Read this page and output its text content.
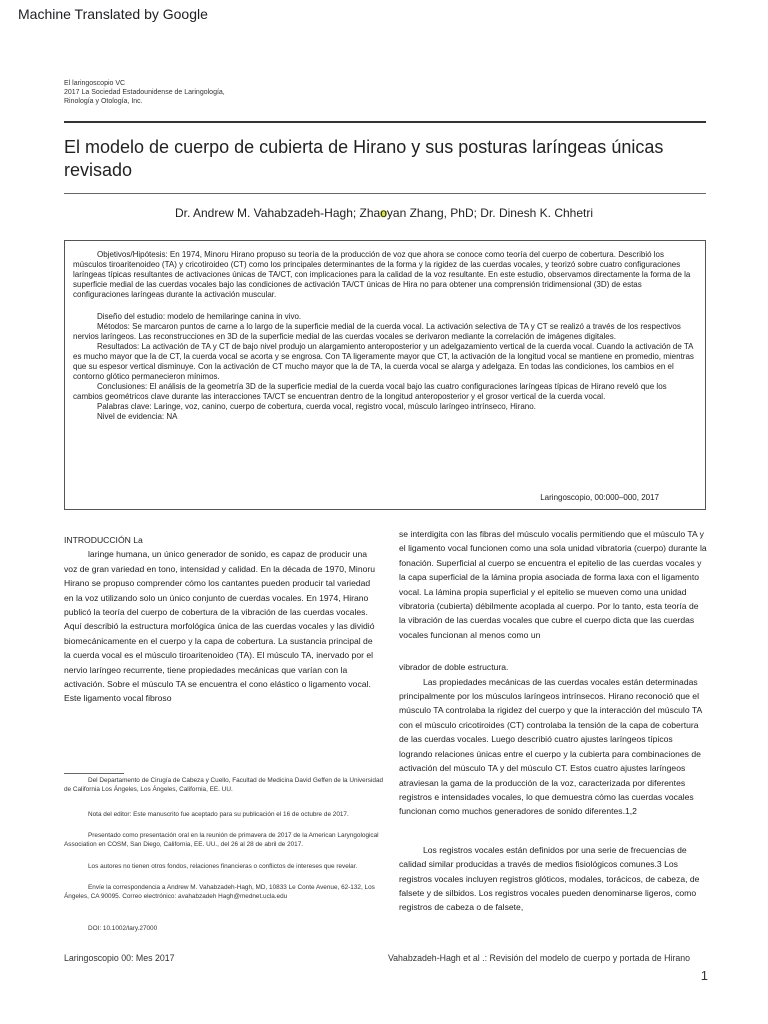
Machine Translated by Google
El laringoscopio VC
2017 La Sociedad Estadounidense de Laringología,
Rinología y Otología, Inc.
El modelo de cuerpo de cubierta de Hirano y sus posturas laríngeas únicas revisado
Dr. Andrew M. Vahabzadeh-Hagh; Zhaoyan Zhang, PhD; Dr. Dinesh K. Chhetri

Objetivos/Hipótesis: En 1974, Minoru Hirano propuso su teoría de la producción de voz que ahora se conoce como teoría del cuerpo de cobertura. Describió los músculos tiroaritenoideo (TA) y cricotiroideo (CT) como los principales determinantes de la forma y la rigidez de las cuerdas vocales, y teorizó sobre cuatro configuraciones laríngeas típicas resultantes de activaciones únicas de TA/CT, con implicaciones para la calidad de la voz resultante. En este estudio, observamos directamente la forma de la superficie medial de las cuerdas vocales bajo las condiciones de activación TA/CT únicas de Hira no para obtener una comprensión tridimensional (3D) de estas configuraciones laríngeas durante la activación muscular.

Diseño del estudio: modelo de hemilaringe canina in vivo.

Métodos: Se marcaron puntos de carne a lo largo de la superficie medial de la cuerda vocal. La activación selectiva de TA y CT se realizó a través de los respectivos nervios laríngeos. Las reconstrucciones en 3D de la superficie medial de las cuerdas vocales se derivaron mediante la correlación de imágenes digitales.

Resultados: La activación de TA y CT de bajo nivel produjo un alargamiento anteroposterior y un adelgazamiento vertical de la cuerda vocal. Cuando la activación de TA es mucho mayor que la de CT, la cuerda vocal se acorta y se engrosa. Con TA ligeramente mayor que CT, la activación de la longitud vocal se mantiene en promedio, mientras que su espesor vertical disminuye. Con la activación de CT mucho mayor que la de TA, la cuerda vocal se alarga y adelgaza. En todas las condiciones, los cambios en el contorno glótico permanecieron mínimos.

Conclusiones: El análisis de la geometría 3D de la superficie medial de la cuerda vocal bajo las cuatro configuraciones laríngeas típicas de Hirano reveló que los cambios geométricos clave durante las interacciones TA/CT se encuentran dentro de la longitud anteroposterior y el grosor vertical de la cuerda vocal.

Palabras clave: Laringe, voz, canino, cuerpo de cobertura, cuerda vocal, registro vocal, músculo laríngeo intrínseco, Hirano.

Nivel de evidencia: NA

Laringoscopio, 00:000–000, 2017

INTRODUCCIÓN La

laringe humana, un único generador de sonido, es capaz de producir una voz de gran variedad en tono, intensidad y calidad. En la década de 1970, Minoru Hirano se propuso comprender cómo los cantantes pueden producir tal variedad en la voz utilizando solo un único conjunto de cuerdas vocales. En 1974, Hirano publicó la teoría del cuerpo de cobertura de la vibración de las cuerdas vocales. Aquí describió la estructura morfológica única de las cuerdas vocales y las dividió biomecánicamente en el cuerpo y la capa de cobertura. La sustancia principal de la cuerda vocal es el músculo tiroaritenoideo (TA). El músculo TA, inervado por el nervio laríngeo recurrente, tiene propiedades mecánicas que varían con la activación. Sobre el músculo TA se encuentra el cono elástico o ligamento vocal. Este ligamento vocal fibroso

se interdigita con las fibras del músculo vocalis permitiendo que el músculo TA y el ligamento vocal funcionen como una sola unidad vibratoria (cuerpo) durante la fonación. Superficial al cuerpo se encuentra el epitelio de las cuerdas vocales y la capa superficial de la lámina propia asociada de forma laxa con el ligamento vocal. La lámina propia superficial y el epitelio se mueven como una unidad vibratoria (cubierta) débilmente acoplada al cuerpo. Por lo tanto, esta teoría de la vibración de las cuerdas vocales que cubre el cuerpo dicta que las cuerdas vocales funcionan al menos como un

vibrador de doble estructura.

Las propiedades mecánicas de las cuerdas vocales están determinadas principalmente por los músculos laríngeos intrínsecos. Hirano reconoció que el músculo TA controlaba la rigidez del cuerpo y que la interacción del músculo TA con el músculo cricotiroides (CT) controlaba la tensión de la capa de cobertura de las cuerdas vocales. Luego describió cuatro ajustes laríngeos típicos logrando relaciones únicas entre el cuerpo y la cubierta para combinaciones de activación del músculo TA y del músculo CT. Estos cuatro ajustes laríngeos atraviesan la gama de la producción de la voz, caracterizada por diferentes registros e intensidades vocales, lo que demuestra cómo las cuerdas vocales funcionan como muchos generadores de sonido diferentes.1,2

Los registros vocales están definidos por una serie de frecuencias de calidad similar producidas a través de medios fisiológicos comunes.3 Los registros vocales incluyen registros glóticos, modales, torácicos, de cabeza, de falsete y de silbidos. Los registros vocales pueden denominarse ligeros, como registros de cabeza o de falsete,

Del Departamento de Cirugía de Cabeza y Cuello, Facultad de Medicina David Geffen de la Universidad de California Los Ángeles, Los Ángeles, California, EE. UU.
Nota del editor: Este manuscrito fue aceptado para su publicación el 16 de octubre de 2017.
Presentado como presentación oral en la reunión de primavera de 2017 de la American Laryngological Association en COSM, San Diego, California, EE. UU., del 26 al 28 de abril de 2017.
Los autores no tienen otros fondos, relaciones financieras o conflictos de intereses que revelar.
Envíe la correspondencia a Andrew M. Vahabzadeh-Hagh, MD, 10833 Le Conte Avenue, 62-132, Los Ángeles, CA 90095. Correo electrónico: avahabzadeh Hagh@mednet.ucla.edu
DOI: 10.1002/lary.27000
Laringoscopio 00: Mes 2017	Vahabzadeh-Hagh et al .: Revisión del modelo de cuerpo y portada de Hirano
1
